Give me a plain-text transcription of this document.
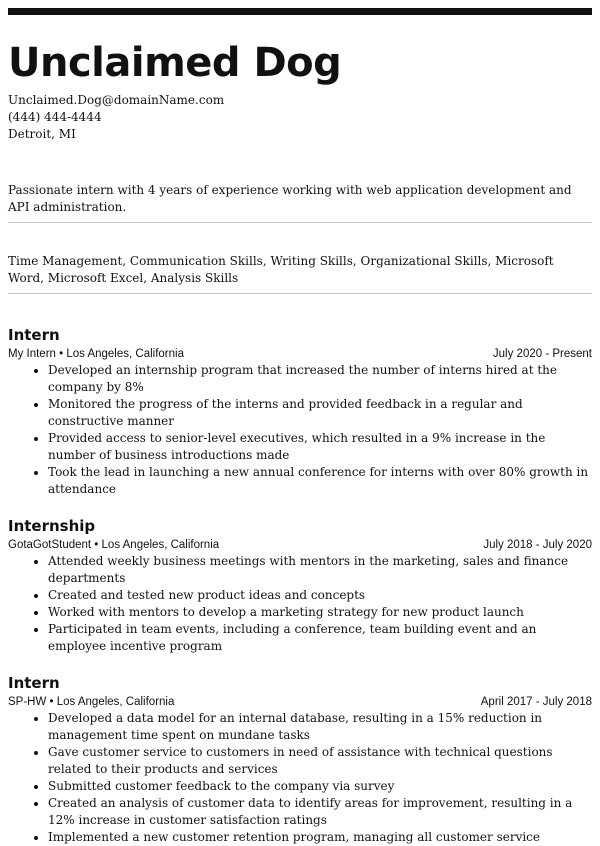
Unclaimed Dog
Unclaimed.Dog@domainName.com
(444) 444-4444
Detroit, MI
Passionate intern with 4 years of experience working with web application development and API administration.
Time Management, Communication Skills, Writing Skills, Organizational Skills, Microsoft Word, Microsoft Excel, Analysis Skills
Intern
My Intern • Los Angeles, California	July 2020 - Present
• Developed an internship program that increased the number of interns hired at the company by 8%
• Monitored the progress of the interns and provided feedback in a regular and constructive manner
• Provided access to senior-level executives, which resulted in a 9% increase in the number of business introductions made
• Took the lead in launching a new annual conference for interns with over 80% growth in attendance
Internship
GotaGotStudent • Los Angeles, California	July 2018 - July 2020
• Attended weekly business meetings with mentors in the marketing, sales and finance departments
• Created and tested new product ideas and concepts
• Worked with mentors to develop a marketing strategy for new product launch
• Participated in team events, including a conference, team building event and an employee incentive program
Intern
SP-HW • Los Angeles, California	April 2017 - July 2018
• Developed a data model for an internal database, resulting in a 15% reduction in management time spent on mundane tasks
• Gave customer service to customers in need of assistance with technical questions related to their products and services
• Submitted customer feedback to the company via survey
• Created an analysis of customer data to identify areas for improvement, resulting in a 12% increase in customer satisfaction ratings
• Implemented a new customer retention program, managing all customer service
